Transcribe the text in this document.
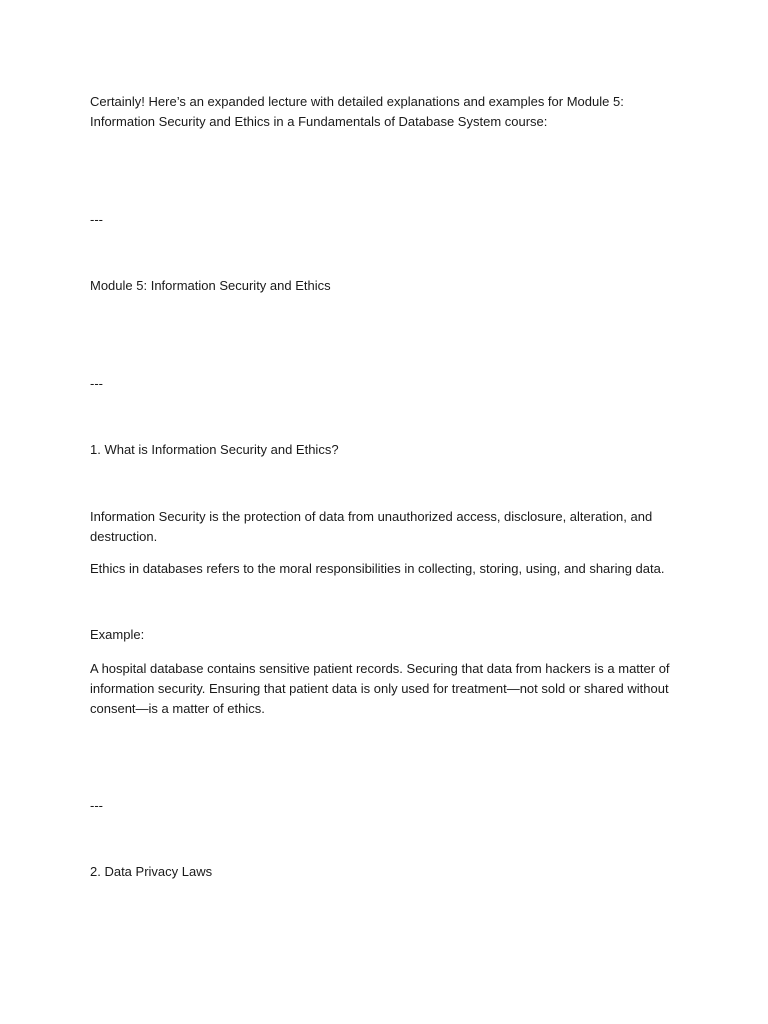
Certainly! Here’s an expanded lecture with detailed explanations and examples for Module 5: Information Security and Ethics in a Fundamentals of Database System course:

---

Module 5: Information Security and Ethics

---

1. What is Information Security and Ethics?

Information Security is the protection of data from unauthorized access, disclosure, alteration, and destruction.

Ethics in databases refers to the moral responsibilities in collecting, storing, using, and sharing data.

Example:

A hospital database contains sensitive patient records. Securing that data from hackers is a matter of information security. Ensuring that patient data is only used for treatment—not sold or shared without consent—is a matter of ethics.

---

2. Data Privacy Laws
